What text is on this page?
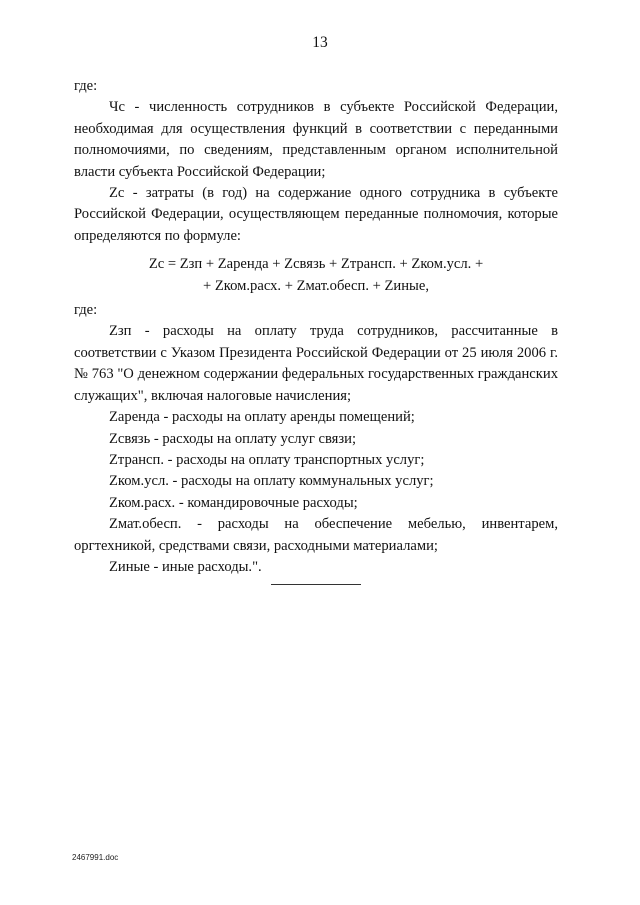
13

где:

Чс - численность сотрудников в субъекте Российской Федерации, необходимая для осуществления функций в соответствии с переданными полномочиями, по сведениям, представленным органом исполнительной власти субъекта Российской Федерации;

Zc - затраты (в год) на содержание одного сотрудника в субъекте Российской Федерации, осуществляющем переданные полномочия, которые определяются по формуле:

Zc = Zзп + Zаренда + Zсвязь + Zтрансп. + Zком.усл. +
+ Zком.расх. + Zмат.обесп. + Zиные,

где:

Zзп - расходы на оплату труда сотрудников, рассчитанные в соответствии с Указом Президента Российской Федерации от 25 июля 2006 г. № 763 "О денежном содержании федеральных государственных гражданских служащих", включая налоговые начисления;

Zаренда - расходы на оплату аренды помещений;

Zсвязь - расходы на оплату услуг связи;

Zтрансп. - расходы на оплату транспортных услуг;

Zком.усл. - расходы на оплату коммунальных услуг;

Zком.расх. - командировочные расходы;

Zмат.обесп. - расходы на обеспечение мебелью, инвентарем, оргтехникой, средствами связи, расходными материалами;

Zиные - иные расходы.".

2467991.doc
